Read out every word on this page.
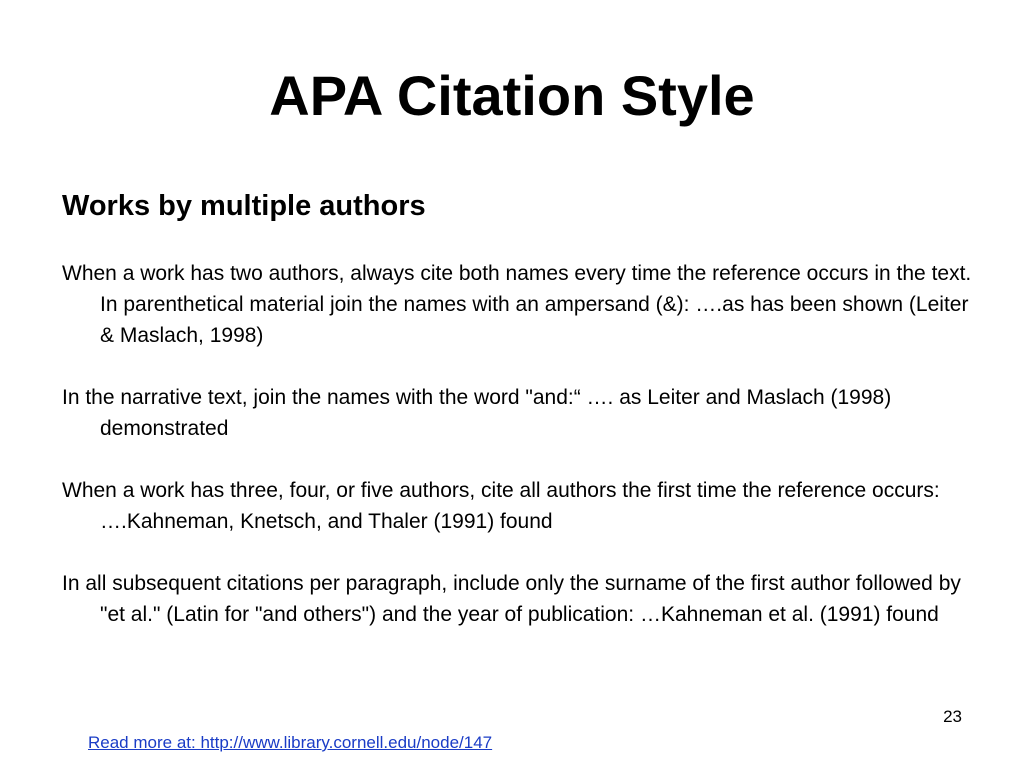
APA Citation Style
Works by multiple authors

When a work has two authors, always cite both names every time the reference occurs in the text. In parenthetical material join the names with an ampersand (&): ….as has been shown (Leiter & Maslach, 1998)

In the narrative text, join the names with the word "and:“ …. as Leiter and Maslach (1998) demonstrated

When a work has three, four, or five authors, cite all authors the first time the reference occurs: ….Kahneman, Knetsch, and Thaler (1991) found

In all subsequent citations per paragraph, include only the surname of the first author followed by "et al." (Latin for "and others") and the year of publication: …Kahneman et al. (1991) found

23
Read more at: http://www.library.cornell.edu/node/147
